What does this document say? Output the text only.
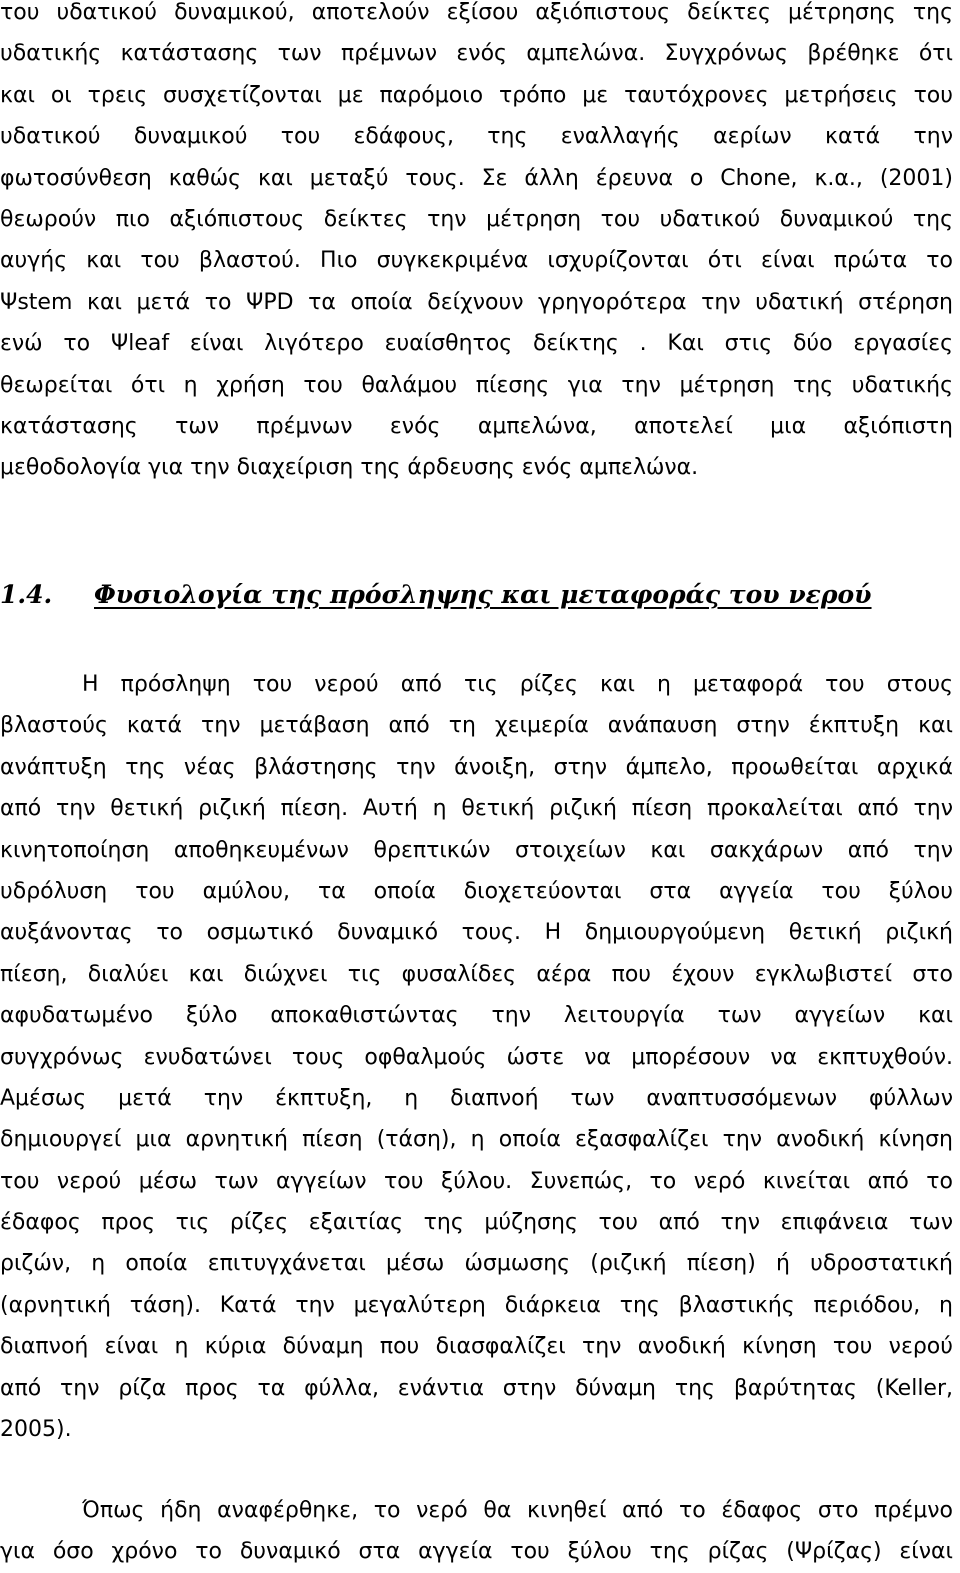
του υδατικού δυναμικού, αποτελούν εξίσου αξιόπιστους δείκτες μέτρησης της
υδατικής κατάστασης των πρέμνων ενός αμπελώνα. Συγχρόνως βρέθηκε ότι
και οι τρεις συσχετίζονται με παρόμοιο τρόπο με ταυτόχρονες μετρήσεις του
υδατικού δυναμικού του εδάφους, της εναλλαγής αερίων κατά την
φωτοσύνθεση καθώς και μεταξύ τους. Σε άλλη έρευνα ο Chone, κ.α., (2001)
θεωρούν πιο αξιόπιστους δείκτες την μέτρηση του υδατικού δυναμικού της
αυγής και του βλαστού. Πιο συγκεκριμένα ισχυρίζονται ότι είναι πρώτα το
Ψstem και μετά το ΨPD τα οποία δείχνουν γρηγορότερα την υδατική στέρηση
ενώ το Ψleaf είναι λιγότερο ευαίσθητος δείκτης . Και στις δύο εργασίες
θεωρείται ότι η χρήση του θαλάμου πίεσης για την μέτρηση της υδατικής
κατάστασης των πρέμνων ενός αμπελώνα, αποτελεί μια αξιόπιστη
μεθοδολογία για την διαχείριση της άρδευσης ενός αμπελώνα.
1.4. Φυσιολογία της πρόσληψης και μεταφοράς του νερού
Η πρόσληψη του νερού από τις ρίζες και η μεταφορά του στους
βλαστούς κατά την μετάβαση από τη χειμερία ανάπαυση στην έκπτυξη και
ανάπτυξη της νέας βλάστησης την άνοιξη, στην άμπελο, προωθείται αρχικά
από την θετική ριζική πίεση. Αυτή η θετική ριζική πίεση προκαλείται από την
κινητοποίηση αποθηκευμένων θρεπτικών στοιχείων και σακχάρων από την
υδρόλυση του αμύλου, τα οποία διοχετεύονται στα αγγεία του ξύλου
αυξάνοντας το οσμωτικό δυναμικό τους. Η δημιουργούμενη θετική ριζική
πίεση, διαλύει και διώχνει τις φυσαλίδες αέρα που έχουν εγκλωβιστεί στο
αφυδατωμένο ξύλο αποκαθιστώντας την λειτουργία των αγγείων και
συγχρόνως ενυδατώνει τους οφθαλμούς ώστε να μπορέσουν να εκπτυχθούν.
Αμέσως μετά την έκπτυξη, η διαπνοή των αναπτυσσόμενων φύλλων
δημιουργεί μια αρνητική πίεση (τάση), η οποία εξασφαλίζει την ανοδική κίνηση
του νερού μέσω των αγγείων του ξύλου. Συνεπώς, το νερό κινείται από το
έδαφος προς τις ρίζες εξαιτίας της μύζησης του από την επιφάνεια των
ριζών, η οποία επιτυγχάνεται μέσω ώσμωσης (ριζική πίεση) ή υδροστατική
(αρνητική τάση). Κατά την μεγαλύτερη διάρκεια της βλαστικής περιόδου, η
διαπνοή είναι η κύρια δύναμη που διασφαλίζει την ανοδική κίνηση του νερού
από την ρίζα προς τα φύλλα, ενάντια στην δύναμη της βαρύτητας (Keller,
2005).
Όπως ήδη αναφέρθηκε, το νερό θα κινηθεί από το έδαφος στο πρέμνο
για όσο χρόνο το δυναμικό στα αγγεία του ξύλου της ρίζας (Ψρίζας) είναι
